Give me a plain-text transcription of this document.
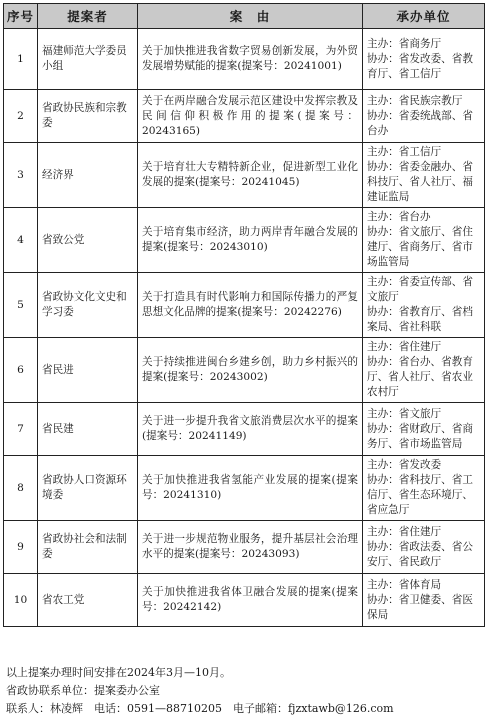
序号	提案者	案　由	承办单位
1	福建师范大学委员小组	关于加快推进我省数字贸易创新发展，为外贸发展增势赋能的提案(提案号：20241001)	主办：省商务厅
协办：省发改委、省教育厅、省工信厅

2	省政协民族和宗教委	关于在两岸融合发展示范区建设中发挥宗教及民间信仰积极作用的提案(提案号：20243165)	主办：省民族宗教厅
协办：省委统战部、省台办

3	经济界	关于培育壮大专精特新企业，促进新型工业化发展的提案(提案号：20241045)	主办：省工信厅
协办：省委金融办、省科技厅、省人社厅、福建证监局

4	省致公党	关于培育集市经济，助力两岸青年融合发展的提案(提案号：20243010)	主办：省台办
协办：省文旅厅、省住建厅、省商务厅、省市场监管局

5	省政协文化文史和学习委	关于打造具有时代影响力和国际传播力的严复思想文化品牌的提案(提案号：20242276)	主办：省委宣传部、省文旅厅
协办：省教育厅、省档案局、省社科联

6	省民进	关于持续推进闽台乡建乡创，助力乡村振兴的提案(提案号：20243002)	主办：省住建厅
协办：省台办、省教育厅、省人社厅、省农业农村厅

7	省民建	关于进一步提升我省文旅消费层次水平的提案(提案号：20241149)	主办：省文旅厅
协办：省财政厅、省商务厅、省市场监管局

8	省政协人口资源环境委	关于加快推进我省氢能产业发展的提案(提案号：20241310)	主办：省发改委
协办：省科技厅、省工信厅、省生态环境厅、省应急厅

9	省政协社会和法制委	关于进一步规范物业服务，提升基层社会治理水平的提案(提案号：20243093)	主办：省住建厅
协办：省政法委、省公安厅、省民政厅

10	省农工党	关于加快推进我省体卫融合发展的提案(提案号：20242142)	主办：省体育局
协办：省卫健委、省医保局
以上提案办理时间安排在2024年3月—10月。
省政协联系单位：提案委办公室
联系人：林凌辉　电话：0591—88710205　电子邮箱：fjzxtawb@126.com
